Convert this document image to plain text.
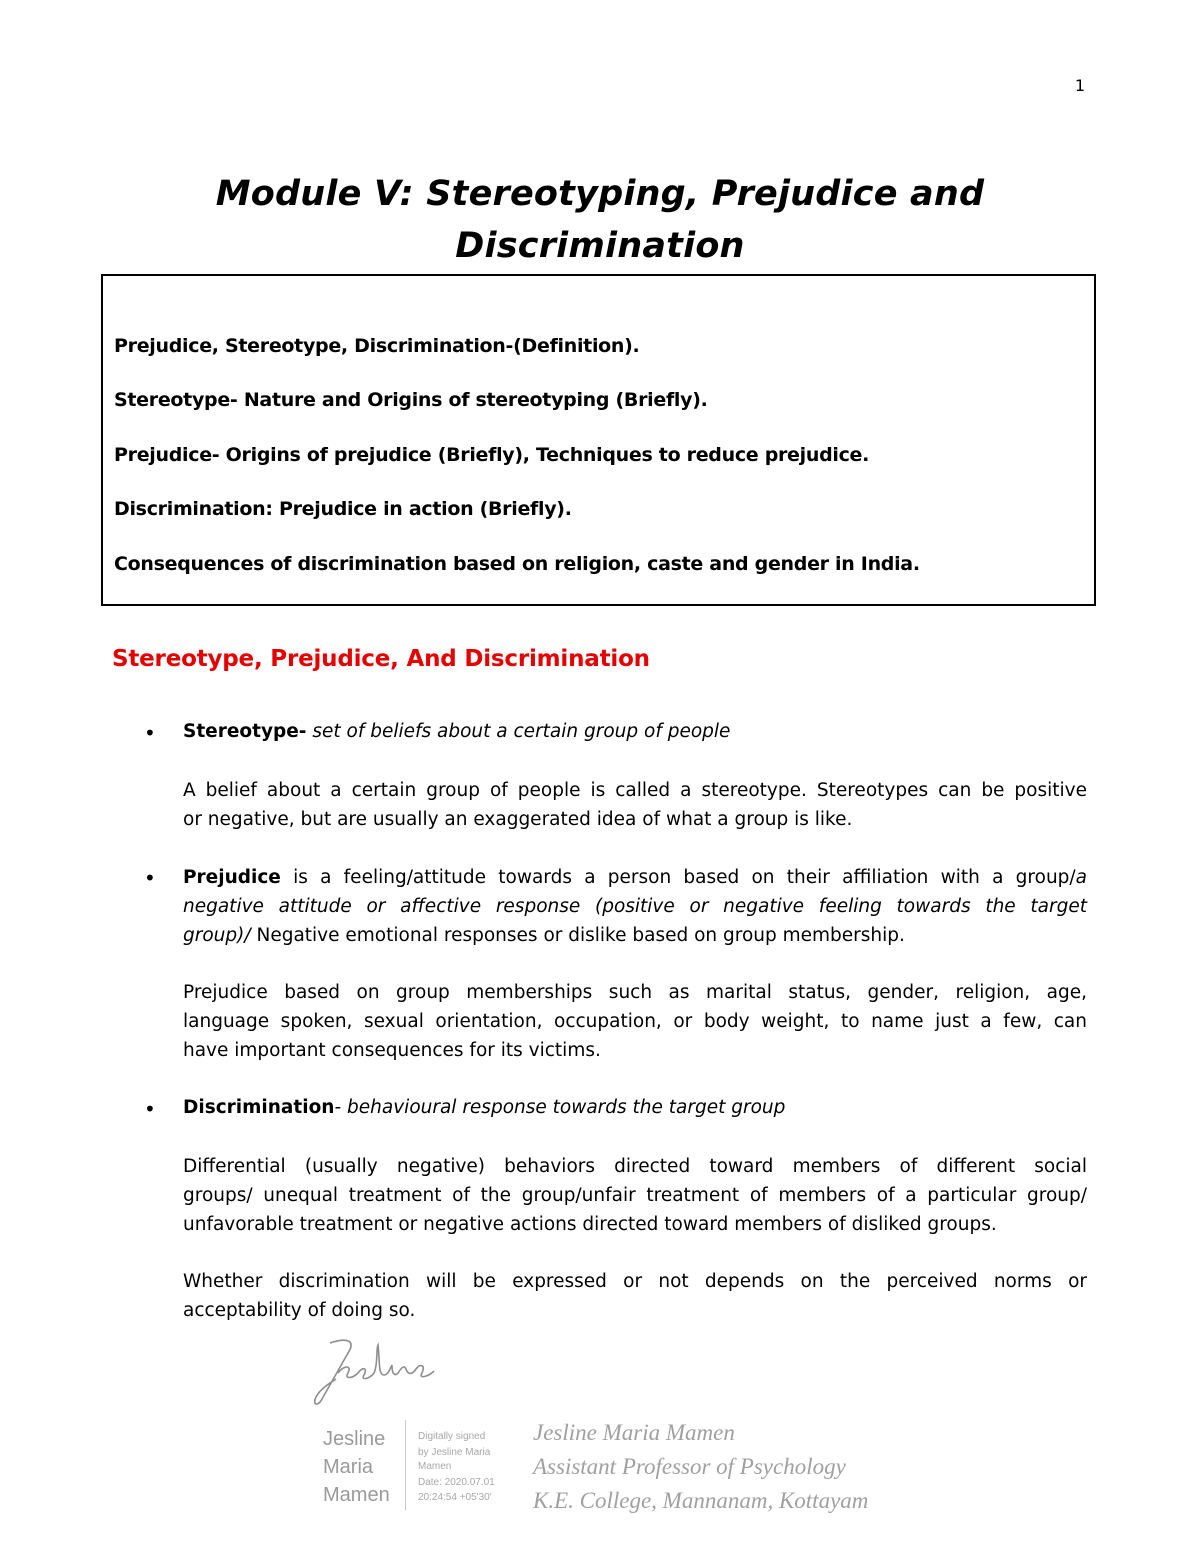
1
Module V: Stereotyping, Prejudice and
Discrimination
Prejudice, Stereotype, Discrimination-(Definition).
Stereotype- Nature and Origins of stereotyping (Briefly).
Prejudice- Origins of prejudice (Briefly), Techniques to reduce prejudice.
Discrimination: Prejudice in action (Briefly).
Consequences of discrimination based on religion, caste and gender in India.
Stereotype, Prejudice, And Discrimination
• Stereotype- set of beliefs about a certain group of people
A belief about a certain group of people is called a stereotype. Stereotypes can be positive
or negative, but are usually an exaggerated idea of what a group is like.
• Prejudice is a feeling/attitude towards a person based on their affiliation with a group/a
negative attitude or affective response (positive or negative feeling towards the target
group)/ Negative emotional responses or dislike based on group membership.
Prejudice based on group memberships such as marital status, gender, religion, age,
language spoken, sexual orientation, occupation, or body weight, to name just a few, can
have important consequences for its victims.
• Discrimination- behavioural response towards the target group
Differential (usually negative) behaviors directed toward members of different social
groups/ unequal treatment of the group/unfair treatment of members of a particular group/
unfavorable treatment or negative actions directed toward members of disliked groups.
Whether discrimination will be expressed or not depends on the perceived norms or
acceptability of doing so.
Jesline
Maria
Mamen
Digitally signed
by Jesline Maria
Mamen
Date: 2020.07.01
20:24:54 +05'30'
Jesline Maria Mamen
Assistant Professor of Psychology
K.E. College, Mannanam, Kottayam
